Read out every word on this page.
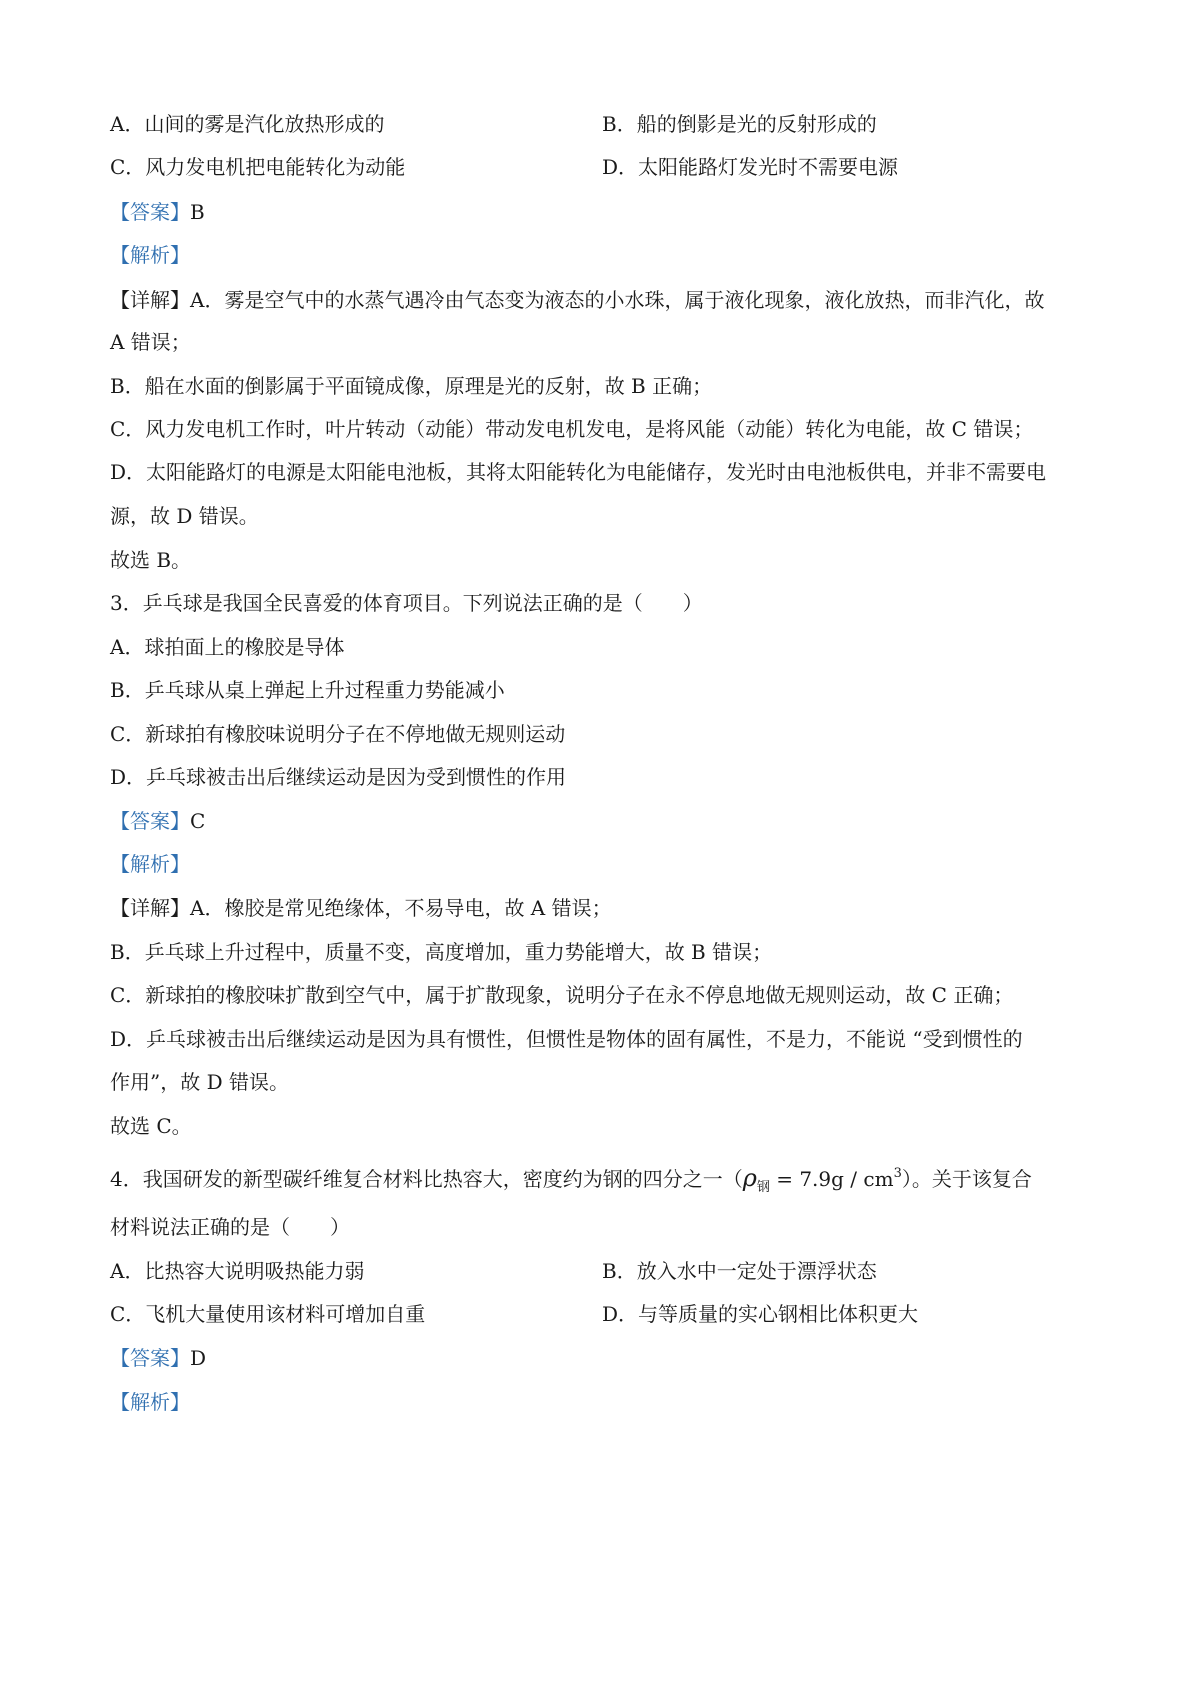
A．山间的雾是汽化放热形成的	B．船的倒影是光的反射形成的
C．风力发电机把电能转化为动能	D．太阳能路灯发光时不需要电源
【答案】B
【解析】
【详解】A．雾是空气中的水蒸气遇冷由气态变为液态的小水珠，属于液化现象，液化放热，而非汽化，故
A 错误；
B．船在水面的倒影属于平面镜成像，原理是光的反射，故 B 正确；
C．风力发电机工作时，叶片转动（动能）带动发电机发电，是将风能（动能）转化为电能，故 C 错误；
D．太阳能路灯的电源是太阳能电池板，其将太阳能转化为电能储存，发光时由电池板供电，并非不需要电
源，故 D 错误。
故选 B。
3．乒乓球是我国全民喜爱的体育项目。下列说法正确的是（　　）
A．球拍面上的橡胶是导体
B．乒乓球从桌上弹起上升过程重力势能减小
C．新球拍有橡胶味说明分子在不停地做无规则运动
D．乒乓球被击出后继续运动是因为受到惯性的作用
【答案】C
【解析】
【详解】A．橡胶是常见绝缘体，不易导电，故 A 错误；
B．乒乓球上升过程中，质量不变，高度增加，重力势能增大，故 B 错误；
C．新球拍的橡胶味扩散到空气中，属于扩散现象，说明分子在永不停息地做无规则运动，故 C 正确；
D．乒乓球被击出后继续运动是因为具有惯性，但惯性是物体的固有属性，不是力，不能说 “受到惯性的
作用”，故 D 错误。
故选 C。
4．我国研发的新型碳纤维复合材料比热容大，密度约为钢的四分之一$(\rho_钢 = 7.9g / cm^3)$。关于该复合
材料说法正确的是（　　）
A．比热容大说明吸热能力弱	B．放入水中一定处于漂浮状态
C．飞机大量使用该材料可增加自重	D．与等质量的实心钢相比体积更大
【答案】D
【解析】
